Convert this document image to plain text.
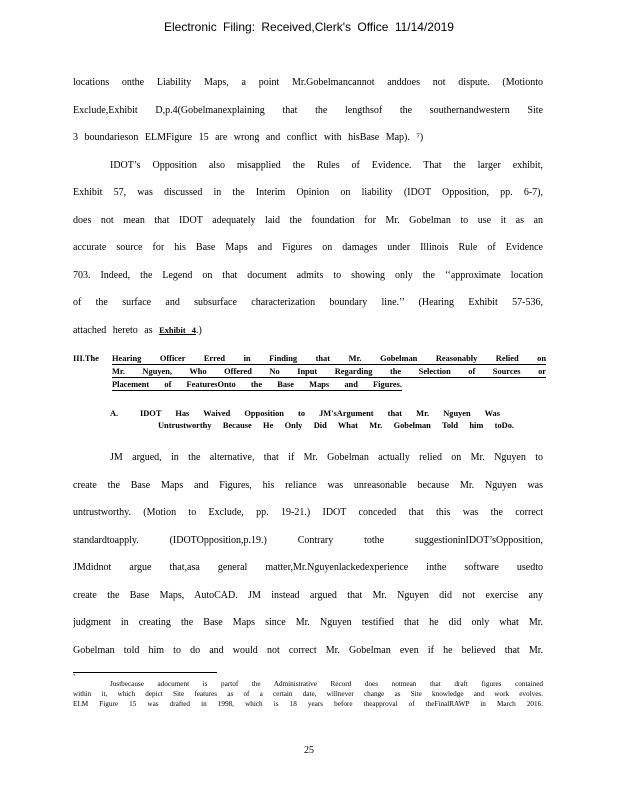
Electronic Filing: Received,Clerk's Office 11/14/2019
locations onthe Liability Maps, a point Mr.Gobelmancannot anddoes not dispute. (Motionto
Exclude,Exhibit D,p.4(Gobelmanexplaining that the lengthsof the southernandwestern Site
3 boundarieson ELMFigure 15 are wrong and conflict with hisBase Map). ⁷)
IDOT’s Opposition also misapplied the Rules of Evidence. That the larger exhibit,
Exhibit 57, was discussed in the Interim Opinion on liability (IDOT Opposition, pp. 6-7),
does not mean that IDOT adequately laid the foundation for Mr. Gobelman to use it as an
accurate source for his Base Maps and Figures on damages under Illinois Rule of Evidence
703. Indeed, the Legend on that document admits to showing only the ‘‘approximate location
of the surface and subsurface characterization boundary line.’’ (Hearing Exhibit 57-536,
attached hereto as Exhibit 4.)
III.The Hearing Officer Erred in Finding that Mr. Gobelman Reasonably Relied on
Mr. Nguyen, Who Offered No Input Regarding the Selection of Sources or
Placement of FeaturesOnto the Base Maps and Figures.
A.	IDOT Has Waived Opposition to JM'sArgument that Mr. Nguyen Was
Untrustworthy Because He Only Did What Mr. Gobelman Told him toDo.
JM argued, in the alternative, that if Mr. Gobelman actually relied on Mr. Nguyen to
create the Base Maps and Figures, his reliance was unreasonable because Mr. Nguyen was
untrustworthy. (Motion to Exclude, pp. 19-21.) IDOT conceded that this was the correct
standardtoapply. (IDOTOpposition,p.19.) Contrary tothe suggestioninIDOT’sOpposition,
JMdidnot argue that,asa general matter,Mr.Nguyenlackedexperience inthe software usedto
create the Base Maps, AutoCAD. JM instead argued that Mr. Nguyen did not exercise any
judgment in creating the Base Maps since Mr. Nguyen testified that he did only what Mr.
Gobelman told him to do and would not correct Mr. Gobelman even if he believed that Mr.
⁷
Justbecause adocument is partof the Administrative Record does notmean that draft figures contained
within it, which depict Site features as of a certain date, willnever change as Site knowledge and work evolves.
ELM Figure 15 was drafted in 1998, which is 18 years before theapproval of theFinalRAWP in March 2016.
25
